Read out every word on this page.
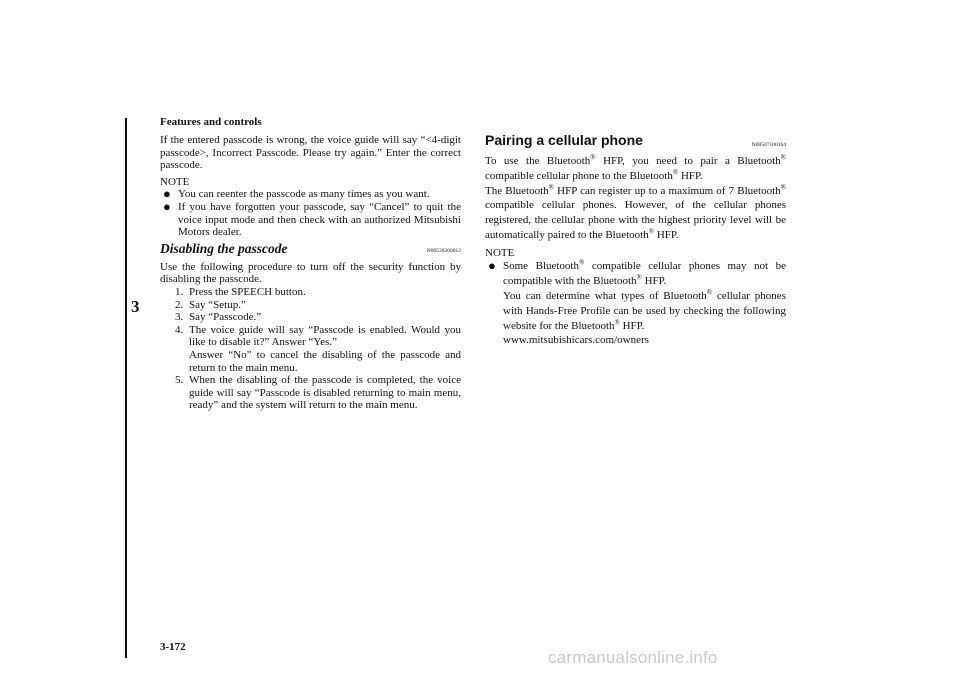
3
Features and controls

If the entered passcode is wrong, the voice guide will say “<4-digit passcode>, Incorrect Passcode. Please try again.” Enter the correct passcode.

NOTE
● You can reenter the passcode as many times as you want.
● If you have forgotten your passcode, say “Cancel” to quit the voice input mode and then check with an authorized Mitsubishi Motors dealer.
Disabling the passcode	N00539200012

Use the following procedure to turn off the security function by disabling the passcode.

1. Press the SPEECH button.
2. Say “Setup.”
3. Say “Passcode.”
4. The voice guide will say “Passcode is enabled. Would you like to disable it?” Answer “Yes.”
Answer “No” to cancel the disabling of the passcode and return to the main menu.
5. When the disabling of the passcode is completed, the voice guide will say “Passcode is disabled returning to main menu, ready” and the system will return to the main menu.
Pairing a cellular phone	N00507100164

To use the Bluetooth® HFP, you need to pair a Bluetooth® compatible cellular phone to the Bluetooth® HFP.

The Bluetooth® HFP can register up to a maximum of 7 Bluetooth® compatible cellular phones. However, of the cellular phones registered, the cellular phone with the highest priority level will be automatically paired to the Bluetooth® HFP.

NOTE
● Some Bluetooth® compatible cellular phones may not be compatible with the Bluetooth® HFP.
You can determine what types of Bluetooth® cellular phones with Hands-Free Profile can be used by checking the following website for the Bluetooth® HFP.
www.mitsubishicars.com/owners
3-172
carmanualsonline.info
